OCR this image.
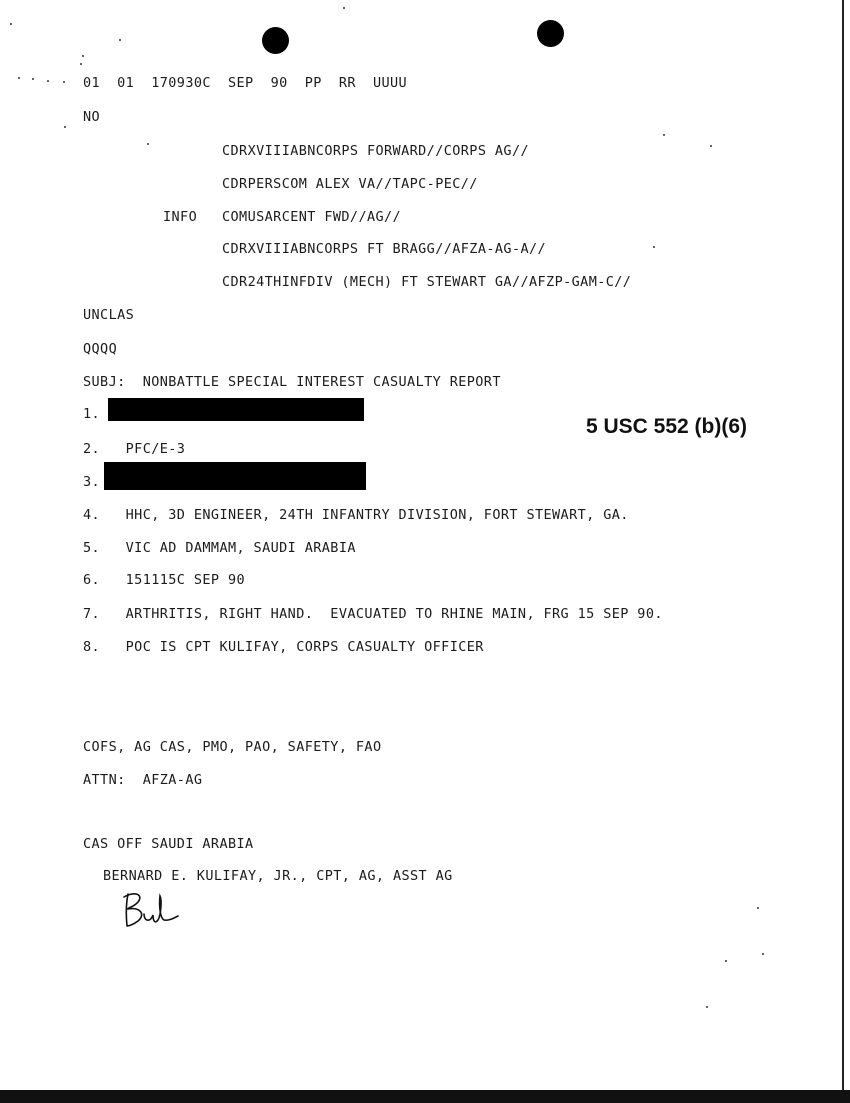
01  01  170930C  SEP  90  PP  RR  UUUU
NO
CDRXVIIIABNCORPS FORWARD//CORPS AG//
CDRPERSCOM ALEX VA//TAPC-PEC//
INFO COMUSARCENT FWD//AG//
CDRXVIIIABNCORPS FT BRAGG//AFZA-AG-A//
CDR24THINFDIV (MECH) FT STEWART GA//AFZP-GAM-C//
UNCLAS
QQQQ
SUBJ:  NONBATTLE SPECIAL INTEREST CASUALTY REPORT
1.
5 USC 552 (b)(6)
2.   PFC/E-3
3.
4.   HHC, 3D ENGINEER, 24TH INFANTRY DIVISION, FORT STEWART, GA.
5.   VIC AD DAMMAM, SAUDI ARABIA
6.   151115C SEP 90
7.   ARTHRITIS, RIGHT HAND.  EVACUATED TO RHINE MAIN, FRG 15 SEP 90.
8.   POC IS CPT KULIFAY, CORPS CASUALTY OFFICER
COFS, AG CAS, PMO, PAO, SAFETY, FAO
ATTN:  AFZA-AG
CAS OFF SAUDI ARABIA
BERNARD E. KULIFAY, JR., CPT, AG, ASST AG
